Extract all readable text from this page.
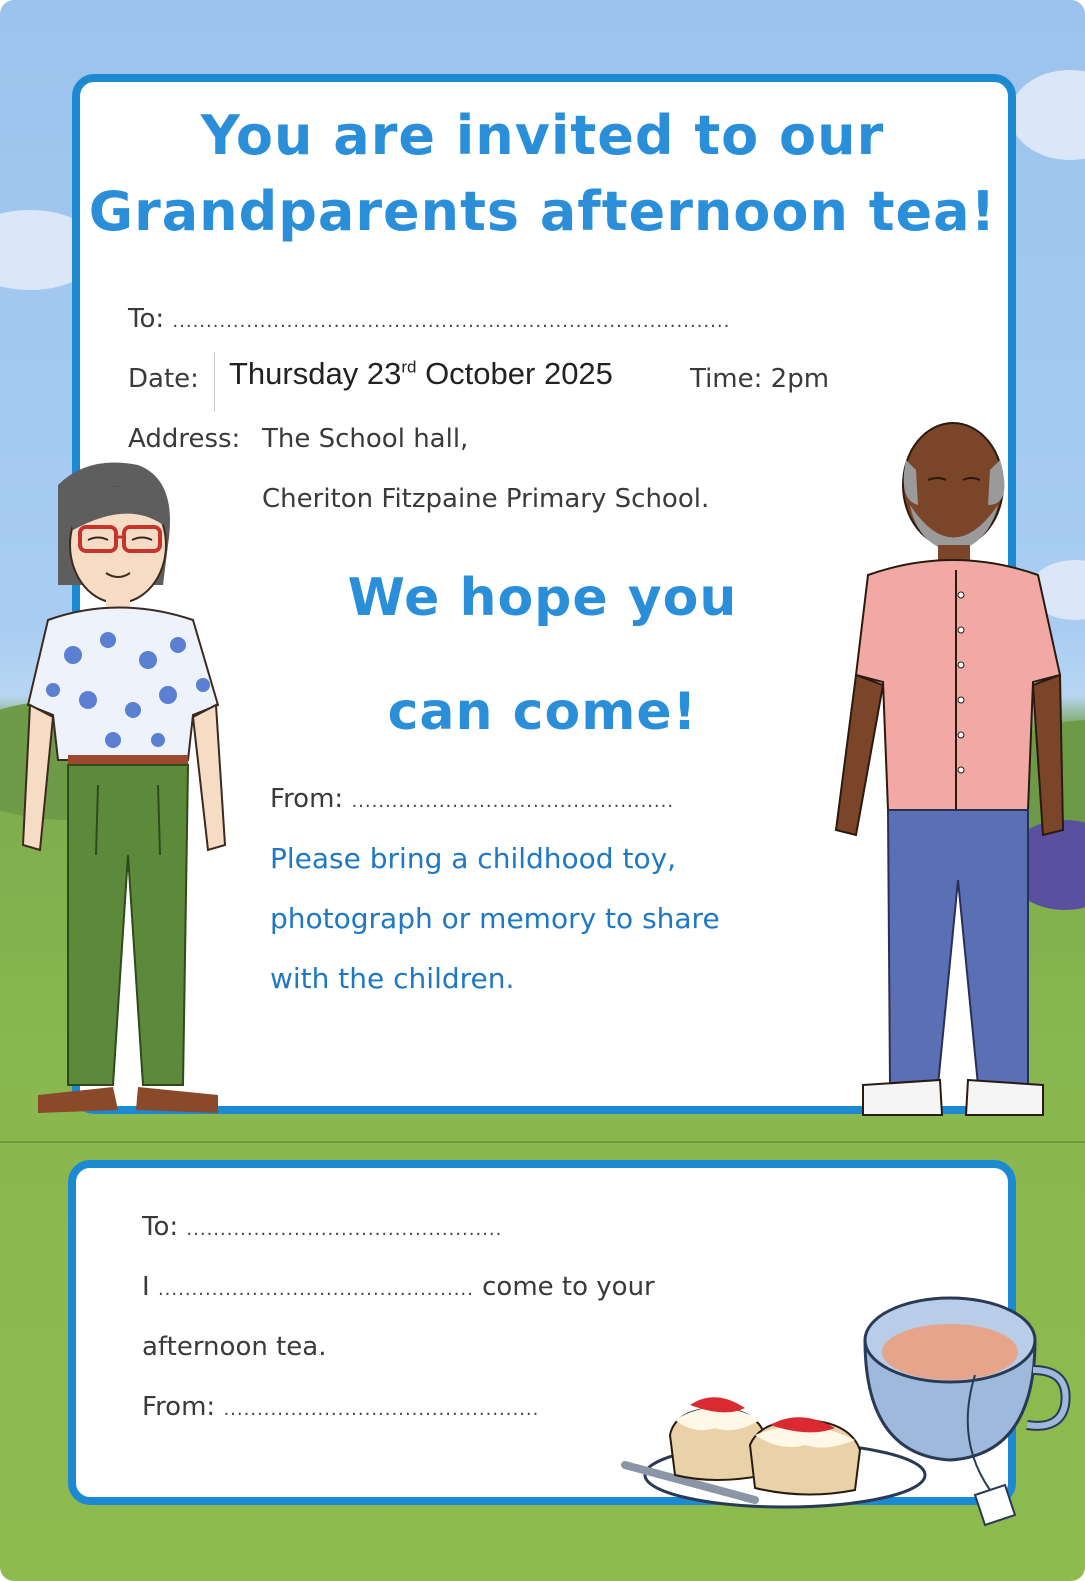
You are invited to our
Grandparents afternoon tea!
To: ...................................................................................
Date: Thursday 23rd October 2025	Time: 2pm
Address: The School hall,
Cheriton Fitzpaine Primary School.
We hope you
can come!
From: ................................................
Please bring a childhood toy,
photograph or memory to share
with the children.
To: ...............................................
I ............................................... come to your
afternoon tea.
From: ...............................................
